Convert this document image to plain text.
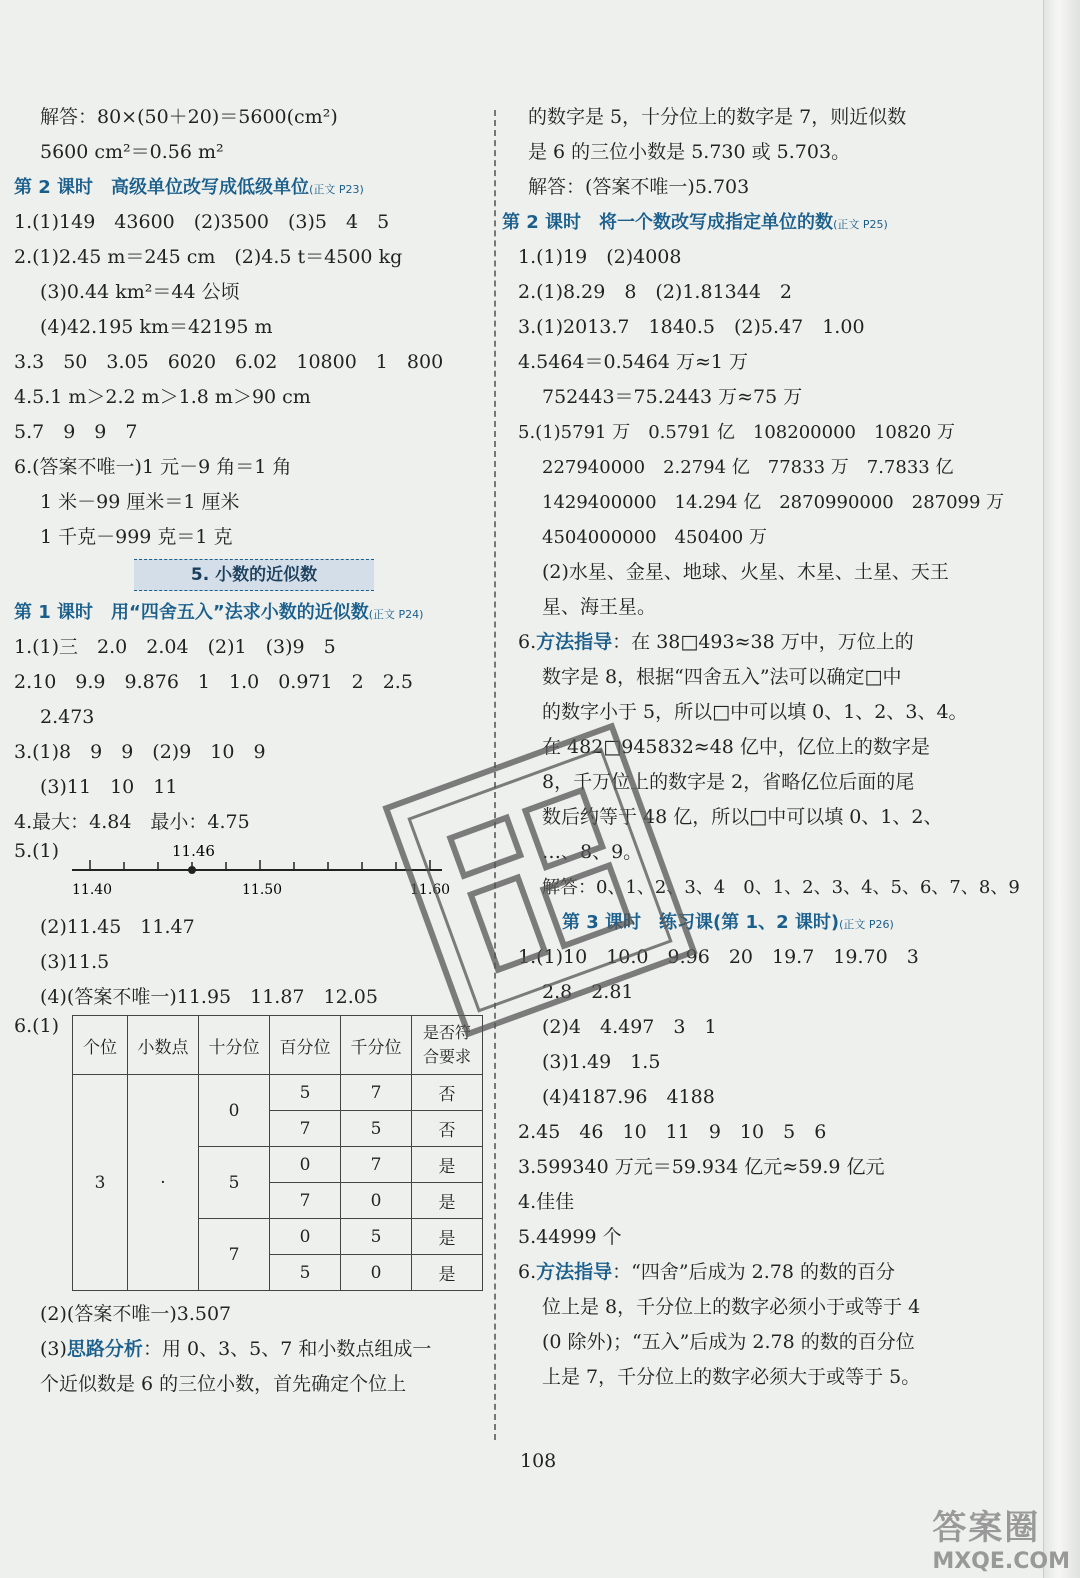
解答：80×(50＋20)＝5600(cm²)
5600 cm²＝0.56 m²
第 2 课时　高级单位改写成低级单位(正文 P23)
1.(1)149　43600　(2)3500　(3)5　4　5
2.(1)2.45 m＝245 cm　(2)4.5 t＝4500 kg
(3)0.44 km²＝44 公顷
(4)42.195 km＝42195 m
3.3　50　3.05　6020　6.02　10800　1　800
4.5.1 m＞2.2 m＞1.8 m＞90 cm
5.7　9　9　7
6.(答案不唯一)1 元－9 角＝1 角
1 米－99 厘米＝1 厘米
1 千克－999 克＝1 克
5. 小数的近似数
第 1 课时　用“四舍五入”法求小数的近似数(正文 P24)
1.(1)三　2.0　2.04　(2)1　(3)9　5
2.10　9.9　9.876　1　1.0　0.971　2　2.5
2.473
3.(1)8　9　9　(2)9　10　9
(3)11　10　11
4.最大：4.84　最小：4.75
5.(1)	11.46
11.40	11.50	11.60
(2)11.45　11.47
(3)11.5
(4)(答案不唯一)11.95　11.87　12.05
6.(1)
个位	小数点	十分位	百分位	千分位	是否符合要求
3	·	0	5	7	否
			7	5	否
		5	0	7	是
			7	0	是
		7	0	5	是
			5	0	是
(2)(答案不唯一)3.507
(3)思路分析：用 0、3、5、7 和小数点组成一
个近似数是 6 的三位小数，首先确定个位上
的数字是 5，十分位上的数字是 7，则近似数
是 6 的三位小数是 5.730 或 5.703。
解答：(答案不唯一)5.703
第 2 课时　将一个数改写成指定单位的数(正文 P25)
1.(1)19　(2)4008
2.(1)8.29　8　(2)1.81344　2
3.(1)2013.7　1840.5　(2)5.47　1.00
4.5464＝0.5464 万≈1 万
752443＝75.2443 万≈75 万
5.(1)5791 万　0.5791 亿　108200000　10820 万
227940000　2.2794 亿　77833 万　7.7833 亿
1429400000　14.294 亿　2870990000　287099 万
4504000000　450400 万
(2)水星、金星、地球、火星、木星、土星、天王
星、海王星。
6.方法指导：在 38□493≈38 万中，万位上的
数字是 8，根据“四舍五入”法可以确定□中
的数字小于 5，所以□中可以填 0、1、2、3、4。
在 482□945832≈48 亿中，亿位上的数字是
8，千万位上的数字是 2，省略亿位后面的尾
数后约等于 48 亿，所以□中可以填 0、1、2、
…、8、9。
解答：0、1、2、3、4　0、1、2、3、4、5、6、7、8、9
第 3 课时　练习课(第 1、2 课时)(正文 P26)
1.(1)10　10.0　9.96　20　19.7　19.70　3
2.8　2.81
(2)4　4.497　3　1
(3)1.49　1.5
(4)4187.96　4188
2.45　46　10　11　9　10　5　6
3.599340 万元＝59.934 亿元≈59.9 亿元
4.佳佳
5.44999 个
6.方法指导：“四舍”后成为 2.78 的数的百分
位上是 8，千分位上的数字必须小于或等于 4
(0 除外)；“五入”后成为 2.78 的数的百分位
上是 7，千分位上的数字必须大于或等于 5。
108
答案圈
MXQE.COM
